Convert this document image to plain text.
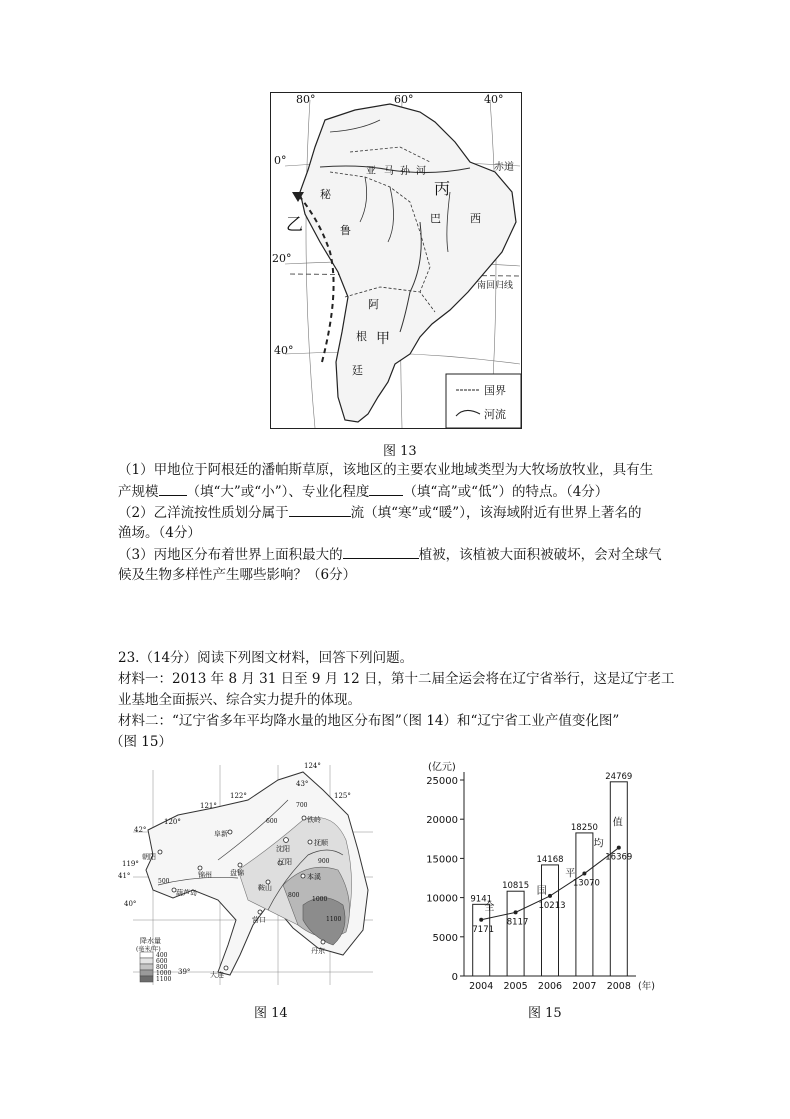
80°	60°	40°
0°
20°
40°
赤道
南回归线
乙
丙
甲
秘
鲁
巴	西
阿
根
廷
亚 马 孙 河
国界
河流
图 13
（1）甲地位于阿根廷的潘帕斯草原，该地区的主要农业地域类型为大牧场放牧业，具有生
产规模 （填“大”或“小”）、专业化程度	（填“高”或“低”）的特点。（4分）
（2）乙洋流按性质划分属于	流（填“寒”或“暖”），该海域附近有世界上著名的
渔场。（4分）
（3）丙地区分布着世界上面积最大的	植被，该植被大面积被破坏，会对全球气
候及生物多样性产生哪些影响？（6分）
23.（14分）阅读下列图文材料，回答下列问题。
材料一：2013 年 8 月 31 日至 9 月 12 日，第十二届全运会将在辽宁省举行，这是辽宁老工
业基地全面振兴、综合实力提升的体现。
材料二：“辽宁省多年平均降水量的地区分布图”（图 14）和“辽宁省工业产值变化图”
（图 15）
阜新
铁岭
沈阳
抚顺
朝阳
锦州	盘锦
辽阳
本溪
鞍山
葫芦岛
营口
丹东
大连
124°
43°
122°	125°
121°
120°
42°
119°
41°
40°
39°
500
600
700
800
900
1000
1100
降水量
(毫米/年)
400
600
800
1000
1100
图 14
0
5000
10000
15000
20000
25000
(亿元)
2004
9141
2005
10815
2006
14168
2007
18250
2008
24769
(年)
7171
8117
10213
13070
16369
全
国
平
均
值
图 15
